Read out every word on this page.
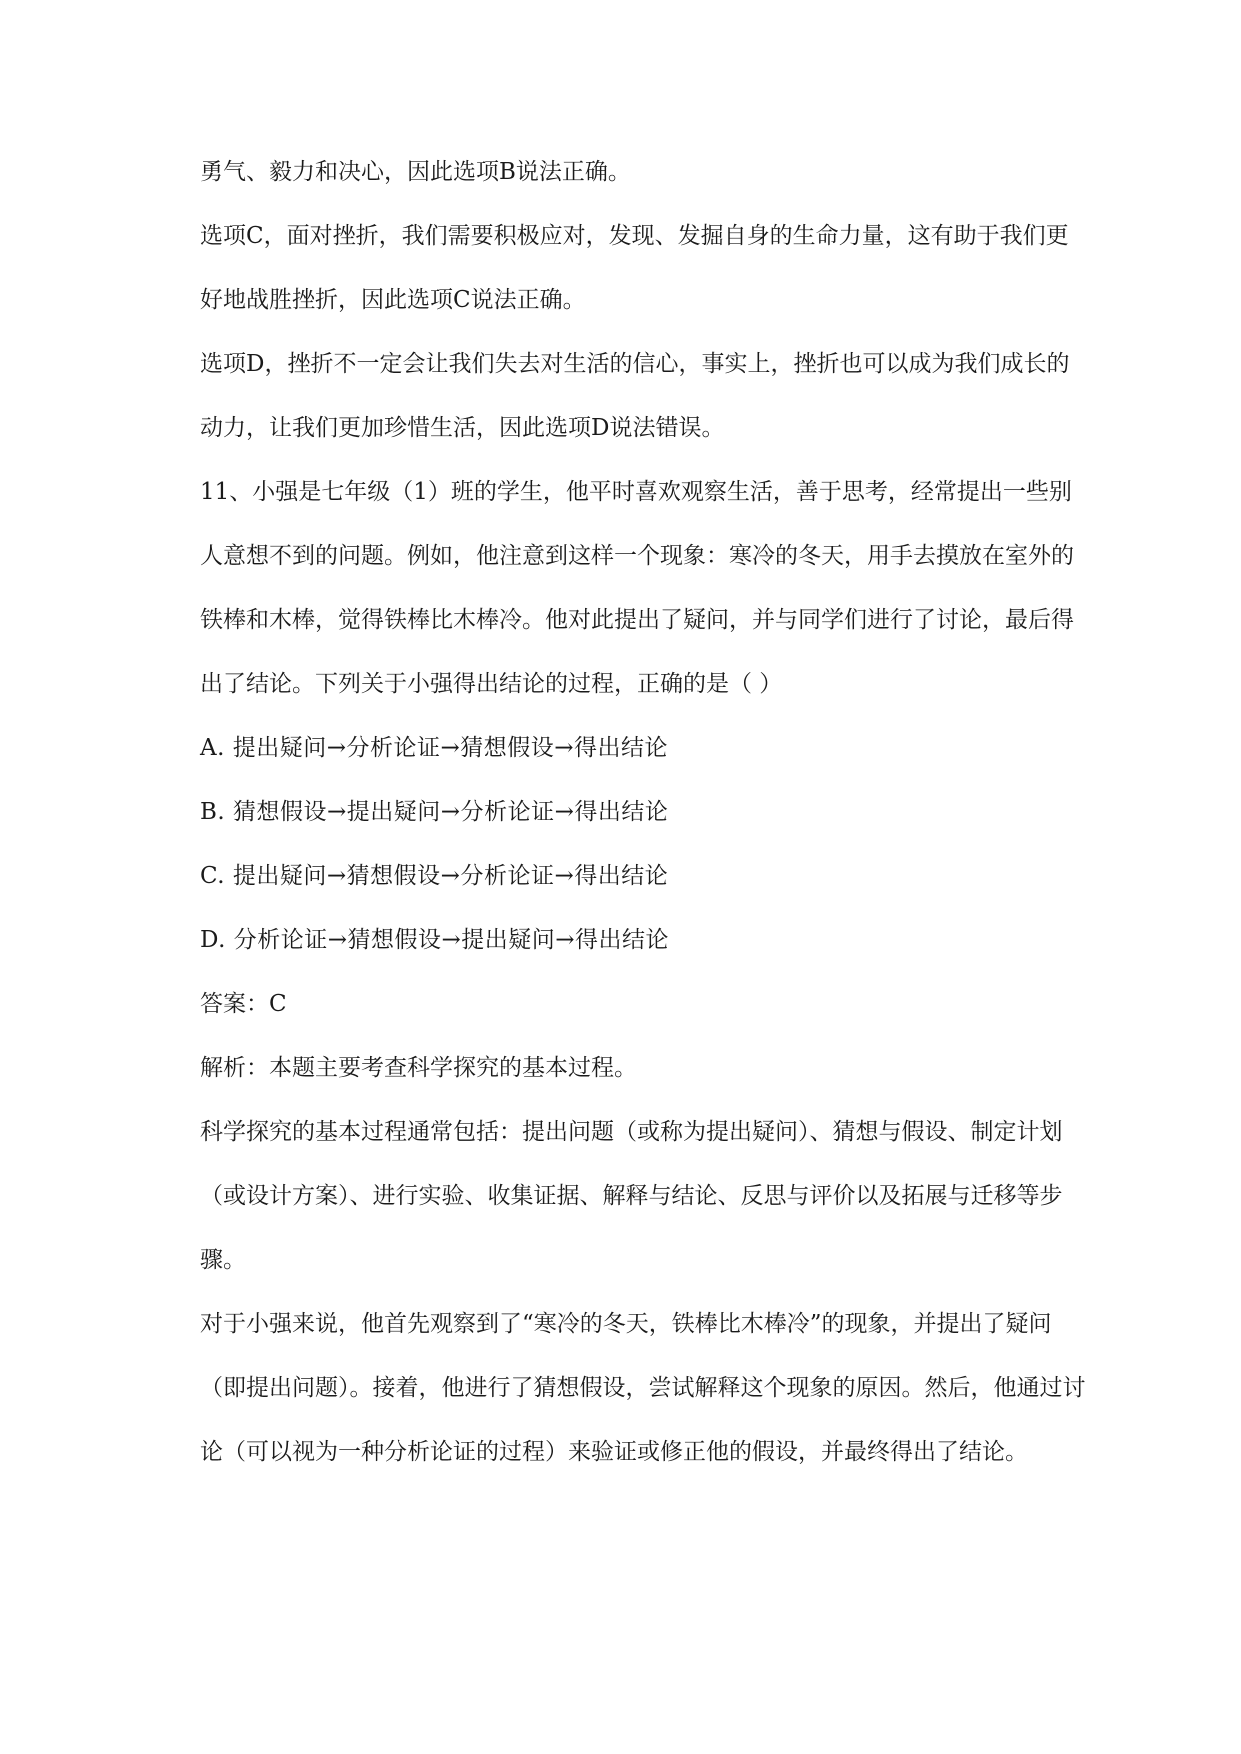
勇气、毅力和决心，因此选项B说法正确。

选项C，面对挫折，我们需要积极应对，发现、发掘自身的生命力量，这有助于我们更好地战胜挫折，因此选项C说法正确。

选项D，挫折不一定会让我们失去对生活的信心，事实上，挫折也可以成为我们成长的动力，让我们更加珍惜生活，因此选项D说法错误。

11、小强是七年级（1）班的学生，他平时喜欢观察生活，善于思考，经常提出一些别人意想不到的问题。例如，他注意到这样一个现象：寒冷的冬天，用手去摸放在室外的铁棒和木棒，觉得铁棒比木棒冷。他对此提出了疑问，并与同学们进行了讨论，最后得出了结论。下列关于小强得出结论的过程，正确的是（ ）

A. 提出疑问→分析论证→猜想假设→得出结论

B. 猜想假设→提出疑问→分析论证→得出结论

C. 提出疑问→猜想假设→分析论证→得出结论

D. 分析论证→猜想假设→提出疑问→得出结论

答案：C

解析：本题主要考查科学探究的基本过程。

科学探究的基本过程通常包括：提出问题（或称为提出疑问）、猜想与假设、制定计划（或设计方案）、进行实验、收集证据、解释与结论、反思与评价以及拓展与迁移等步骤。

对于小强来说，他首先观察到了“寒冷的冬天，铁棒比木棒冷”的现象，并提出了疑问（即提出问题）。接着，他进行了猜想假设，尝试解释这个现象的原因。然后，他通过讨论（可以视为一种分析论证的过程）来验证或修正他的假设，并最终得出了结论。
